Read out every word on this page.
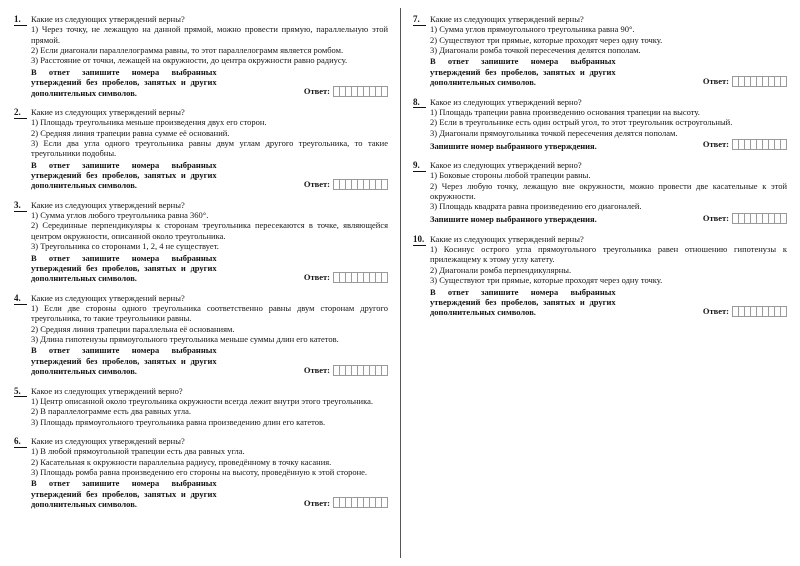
1.	Какие из следующих утверждений верны?

1) Через точку, не лежащую на данной прямой, можно провести прямую, параллельную этой прямой.

2) Если диагонали параллелограмма равны, то этот параллелограмм является ромбом.

3) Расстояние от точки, лежащей на окружности, до центра окружности равно радиусу.

В ответ запишите номера выбранных утверждений без пробелов, запятых и других дополнительных символов.	Ответ:
2.	Какие из следующих утверждений верны?

1) Площадь треугольника меньше произведения двух его сторон.

2) Средняя линия трапеции равна сумме её оснований.

3) Если два угла одного треугольника равны двум углам другого треугольника, то такие треугольники подобны.

В ответ запишите номера выбранных утверждений без пробелов, запятых и других дополнительных символов.	Ответ:
3.	Какие из следующих утверждений верны?

1) Сумма углов любого треугольника равна 360°.

2) Серединные перпендикуляры к сторонам треугольника пересекаются в точке, являющейся центром окружности, описанной около треугольника.

3) Треугольника со сторонами 1, 2, 4 не существует.

В ответ запишите номера выбранных утверждений без пробелов, запятых и других дополнительных символов.	Ответ:
4.	Какие из следующих утверждений верны?

1) Если две стороны одного треугольника соответственно равны двум сторонам другого треугольника, то такие треугольники равны.

2) Средняя линия трапеции параллельна её основаниям.

3) Длина гипотенузы прямоугольного треугольника меньше суммы длин его катетов.

В ответ запишите номера выбранных утверждений без пробелов, запятых и других дополнительных символов.	Ответ:
5.	Какое из следующих утверждений верно?

1) Центр описанной около треугольника окружности всегда лежит внутри этого треугольника.

2) В параллелограмме есть два равных угла.

3) Площадь прямоугольного треугольника равна произведению длин его катетов.

6.	Какие из следующих утверждений верны?

1) В любой прямоугольной трапеции есть два равных угла.

2) Касательная к окружности параллельна радиусу, проведённому в точку касания.

3) Площадь ромба равна произведению его стороны на высоту, проведённую к этой стороне.

В ответ запишите номера выбранных утверждений без пробелов, запятых и других дополнительных символов.	Ответ:
7.	Какие из следующих утверждений верны?

1) Сумма углов прямоугольного треугольника равна 90°.

2) Существуют три прямые, которые проходят через одну точку.

3) Диагонали ромба точкой пересечения делятся пополам.

В ответ запишите номера выбранных утверждений без пробелов, запятых и других дополнительных символов.	Ответ:
8.	Какое из следующих утверждений верно?

1) Площадь трапеции равна произведению основания трапеции на высоту.

2) Если в треугольнике есть один острый угол, то этот треугольник остроугольный.

3) Диагонали прямоугольника точкой пересечения делятся пополам.

Запишите номер выбранного утверждения.	Ответ:
9.	Какое из следующих утверждений верно?

1) Боковые стороны любой трапеции равны.

2) Через любую точку, лежащую вне окружности, можно провести две касательные к этой окружности.

3) Площадь квадрата равна произведению его диагоналей.

Запишите номер выбранного утверждения.	Ответ:
10. Какие из следующих утверждений верны?

1) Косинус острого угла прямоугольного треугольника равен отношению гипотенузы к прилежащему к этому углу катету.

2) Диагонали ромба перпендикулярны.

3) Существуют три прямые, которые проходят через одну точку.

В ответ запишите номера выбранных утверждений без пробелов, запятых и других дополнительных символов.	Ответ:
